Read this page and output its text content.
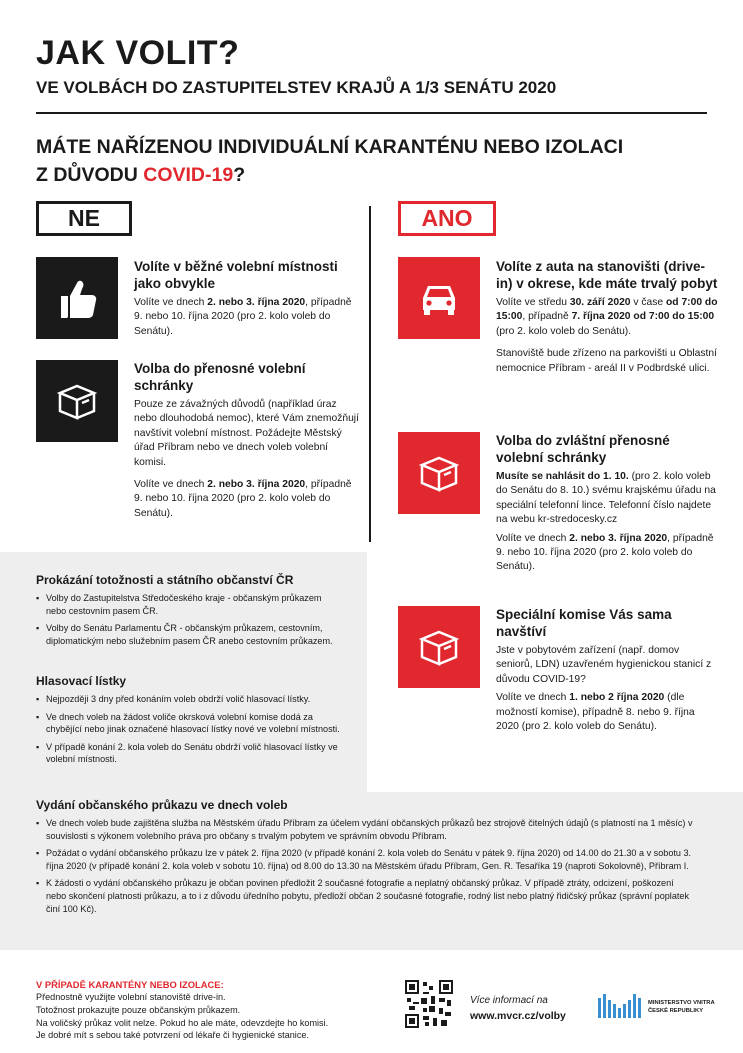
JAK VOLIT?
VE VOLBÁCH DO ZASTUPITELSTEV KRAJŮ A 1/3 SENÁTU 2020
MÁTE NAŘÍZENOU INDIVIDUÁLNÍ KARANTÉNU NEBO IZOLACI
Z DŮVODU COVID-19?
NE	ANO
Volíte v běžné volební místnosti jako obvykle
Volíte ve dnech 2. nebo 3. října 2020, případně 9. nebo 10. října 2020 (pro 2. kolo voleb do Senátu).
Volba do přenosné volební schránky
Pouze ze závažných důvodů (například úraz nebo dlouhodobá nemoc), které Vám znemožňují navštívit volební místnost. Požádejte Městský úřad Příbram nebo ve dnech voleb volební komisi.
Volíte ve dnech 2. nebo 3. října 2020, případně 9. nebo 10. října 2020 (pro 2. kolo voleb do Senátu).
Volíte z auta na stanovišti (drive-in) v okrese, kde máte trvalý pobyt
Volíte ve středu 30. září 2020 v čase od 7:00 do 15:00, případně 7. října 2020 od 7:00 do 15:00 (pro 2. kolo voleb do Senátu).
Stanoviště bude zřízeno na parkovišti u Oblastní nemocnice Příbram - areál II v Podbrdské ulici.
Volba do zvláštní přenosné volební schránky
Musíte se nahlásit do 1. 10. (pro 2. kolo voleb do Senátu do 8. 10.) svému krajskému úřadu na speciální telefonní lince. Telefonní číslo najdete na webu kr-stredocesky.cz
Volíte ve dnech 2. nebo 3. října 2020, případně 9. nebo 10. října 2020 (pro 2. kolo voleb do Senátu).
Speciální komise Vás sama navštíví
Jste v pobytovém zařízení (např. domov seniorů, LDN) uzavřeném hygienickou stanicí z důvodu COVID-19?
Volíte ve dnech 1. nebo 2 října 2020 (dle možností komise), případně 8. nebo 9. října 2020 (pro 2. kolo voleb do Senátu).
Prokázání totožnosti a státního občanství ČR
▪ Volby do Zastupitelstva Středočeského kraje - občanským průkazem nebo cestovním pasem ČR.
▪ Volby do Senátu Parlamentu ČR - občanským průkazem, cestovním, diplomatickým nebo služebním pasem ČR anebo cestovním průkazem.
Hlasovací lístky
▪ Nejpozději 3 dny před konáním voleb obdrží volič hlasovací lístky.
▪ Ve dnech voleb na žádost voliče okrsková volební komise dodá za chybějící nebo jinak označené hlasovací lístky nové ve volební místnosti.
▪ V případě konání 2. kola voleb do Senátu obdrží volič hlasovací lístky ve volební místnosti.
Vydání občanského průkazu ve dnech voleb
▪ Ve dnech voleb bude zajištěna služba na Městském úřadu Příbram za účelem vydání občanských průkazů bez strojově čitelných údajů (s platností na 1 měsíc) v souvislosti s výkonem volebního práva pro občany s trvalým pobytem ve správním obvodu Příbram.
▪ Požádat o vydání občanského průkazu lze v pátek 2. října 2020 (v případě konání 2. kola voleb do Senátu v pátek 9. října 2020) od 14.00 do 21.30 a v sobotu 3. října 2020 (v případě konání 2. kola voleb v sobotu 10. října) od 8.00 do 13.30 na Městském úřadu Příbram, Gen. R. Tesaříka 19 (naproti Sokolovně), Příbram I.
▪ K žádosti o vydání občanského průkazu je občan povinen předložit 2 současné fotografie a neplatný občanský průkaz. V případě ztráty, odcizení, poškození nebo skončení platnosti průkazu, a to i z důvodu úředního pobytu, předloží občan 2 současné fotografie, rodný list nebo platný řidičský průkaz (správní poplatek činí 100 Kč).
V PŘÍPADĚ KARANTÉNY NEBO IZOLACE:
Přednostně využijte volební stanoviště drive-in.
Totožnost prokazujte pouze občanským průkazem.
Na voličský průkaz volit nelze. Pokud ho ale máte, odevzdejte ho komisi.
Je dobré mít s sebou také potvrzení od lékaře či hygienické stanice.
Více informací na
www.mvcr.cz/volby
MINISTERSTVO VNITRA
ČESKÉ REPUBLIKY
